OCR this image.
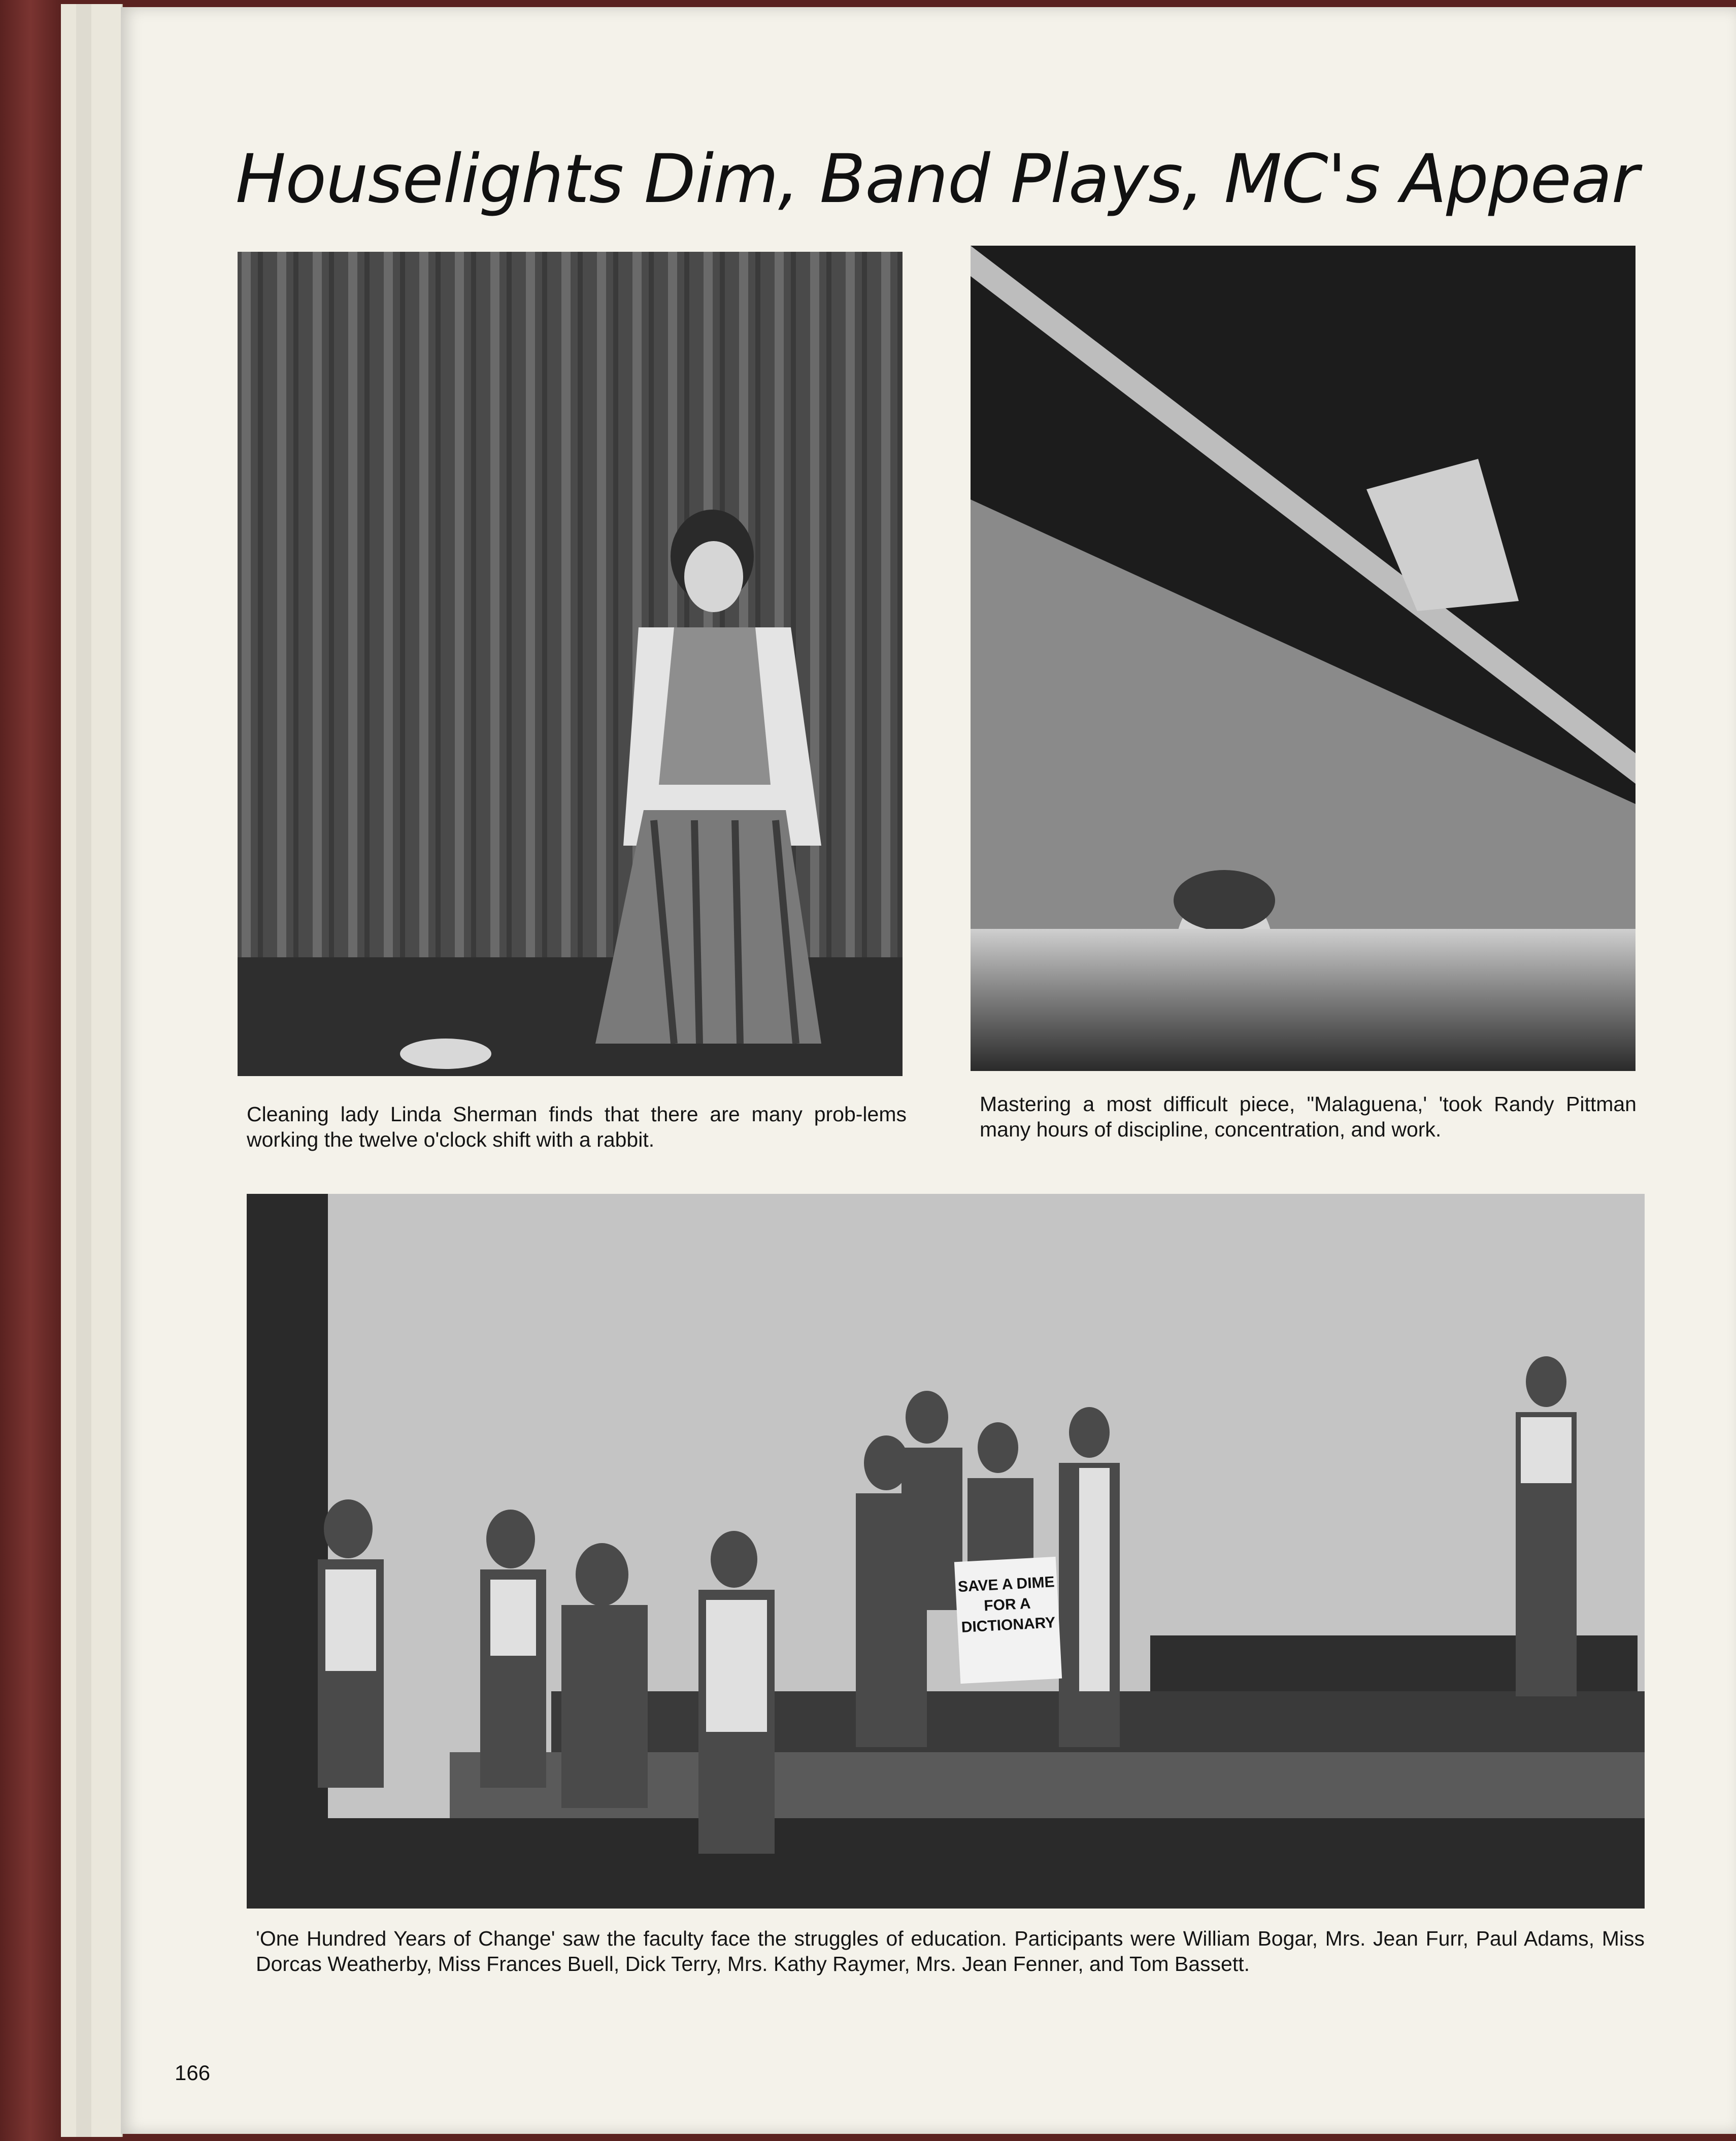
Houselights Dim, Band Plays, MC's Appear

Cleaning lady Linda Sherman finds that there are many prob-lems working the twelve o'clock shift with a rabbit.

Mastering a most difficult piece, "Malaguena,' 'took Randy Pittman many hours of discipline, concentration, and work.

SAVE A DIME FOR A DICTIONARY

'One Hundred Years of Change' saw the faculty face the struggles of education. Participants were William Bogar, Mrs. Jean Furr, Paul Adams, Miss Dorcas Weatherby, Miss Frances Buell, Dick Terry, Mrs. Kathy Raymer, Mrs. Jean Fenner, and Tom Bassett.

166
